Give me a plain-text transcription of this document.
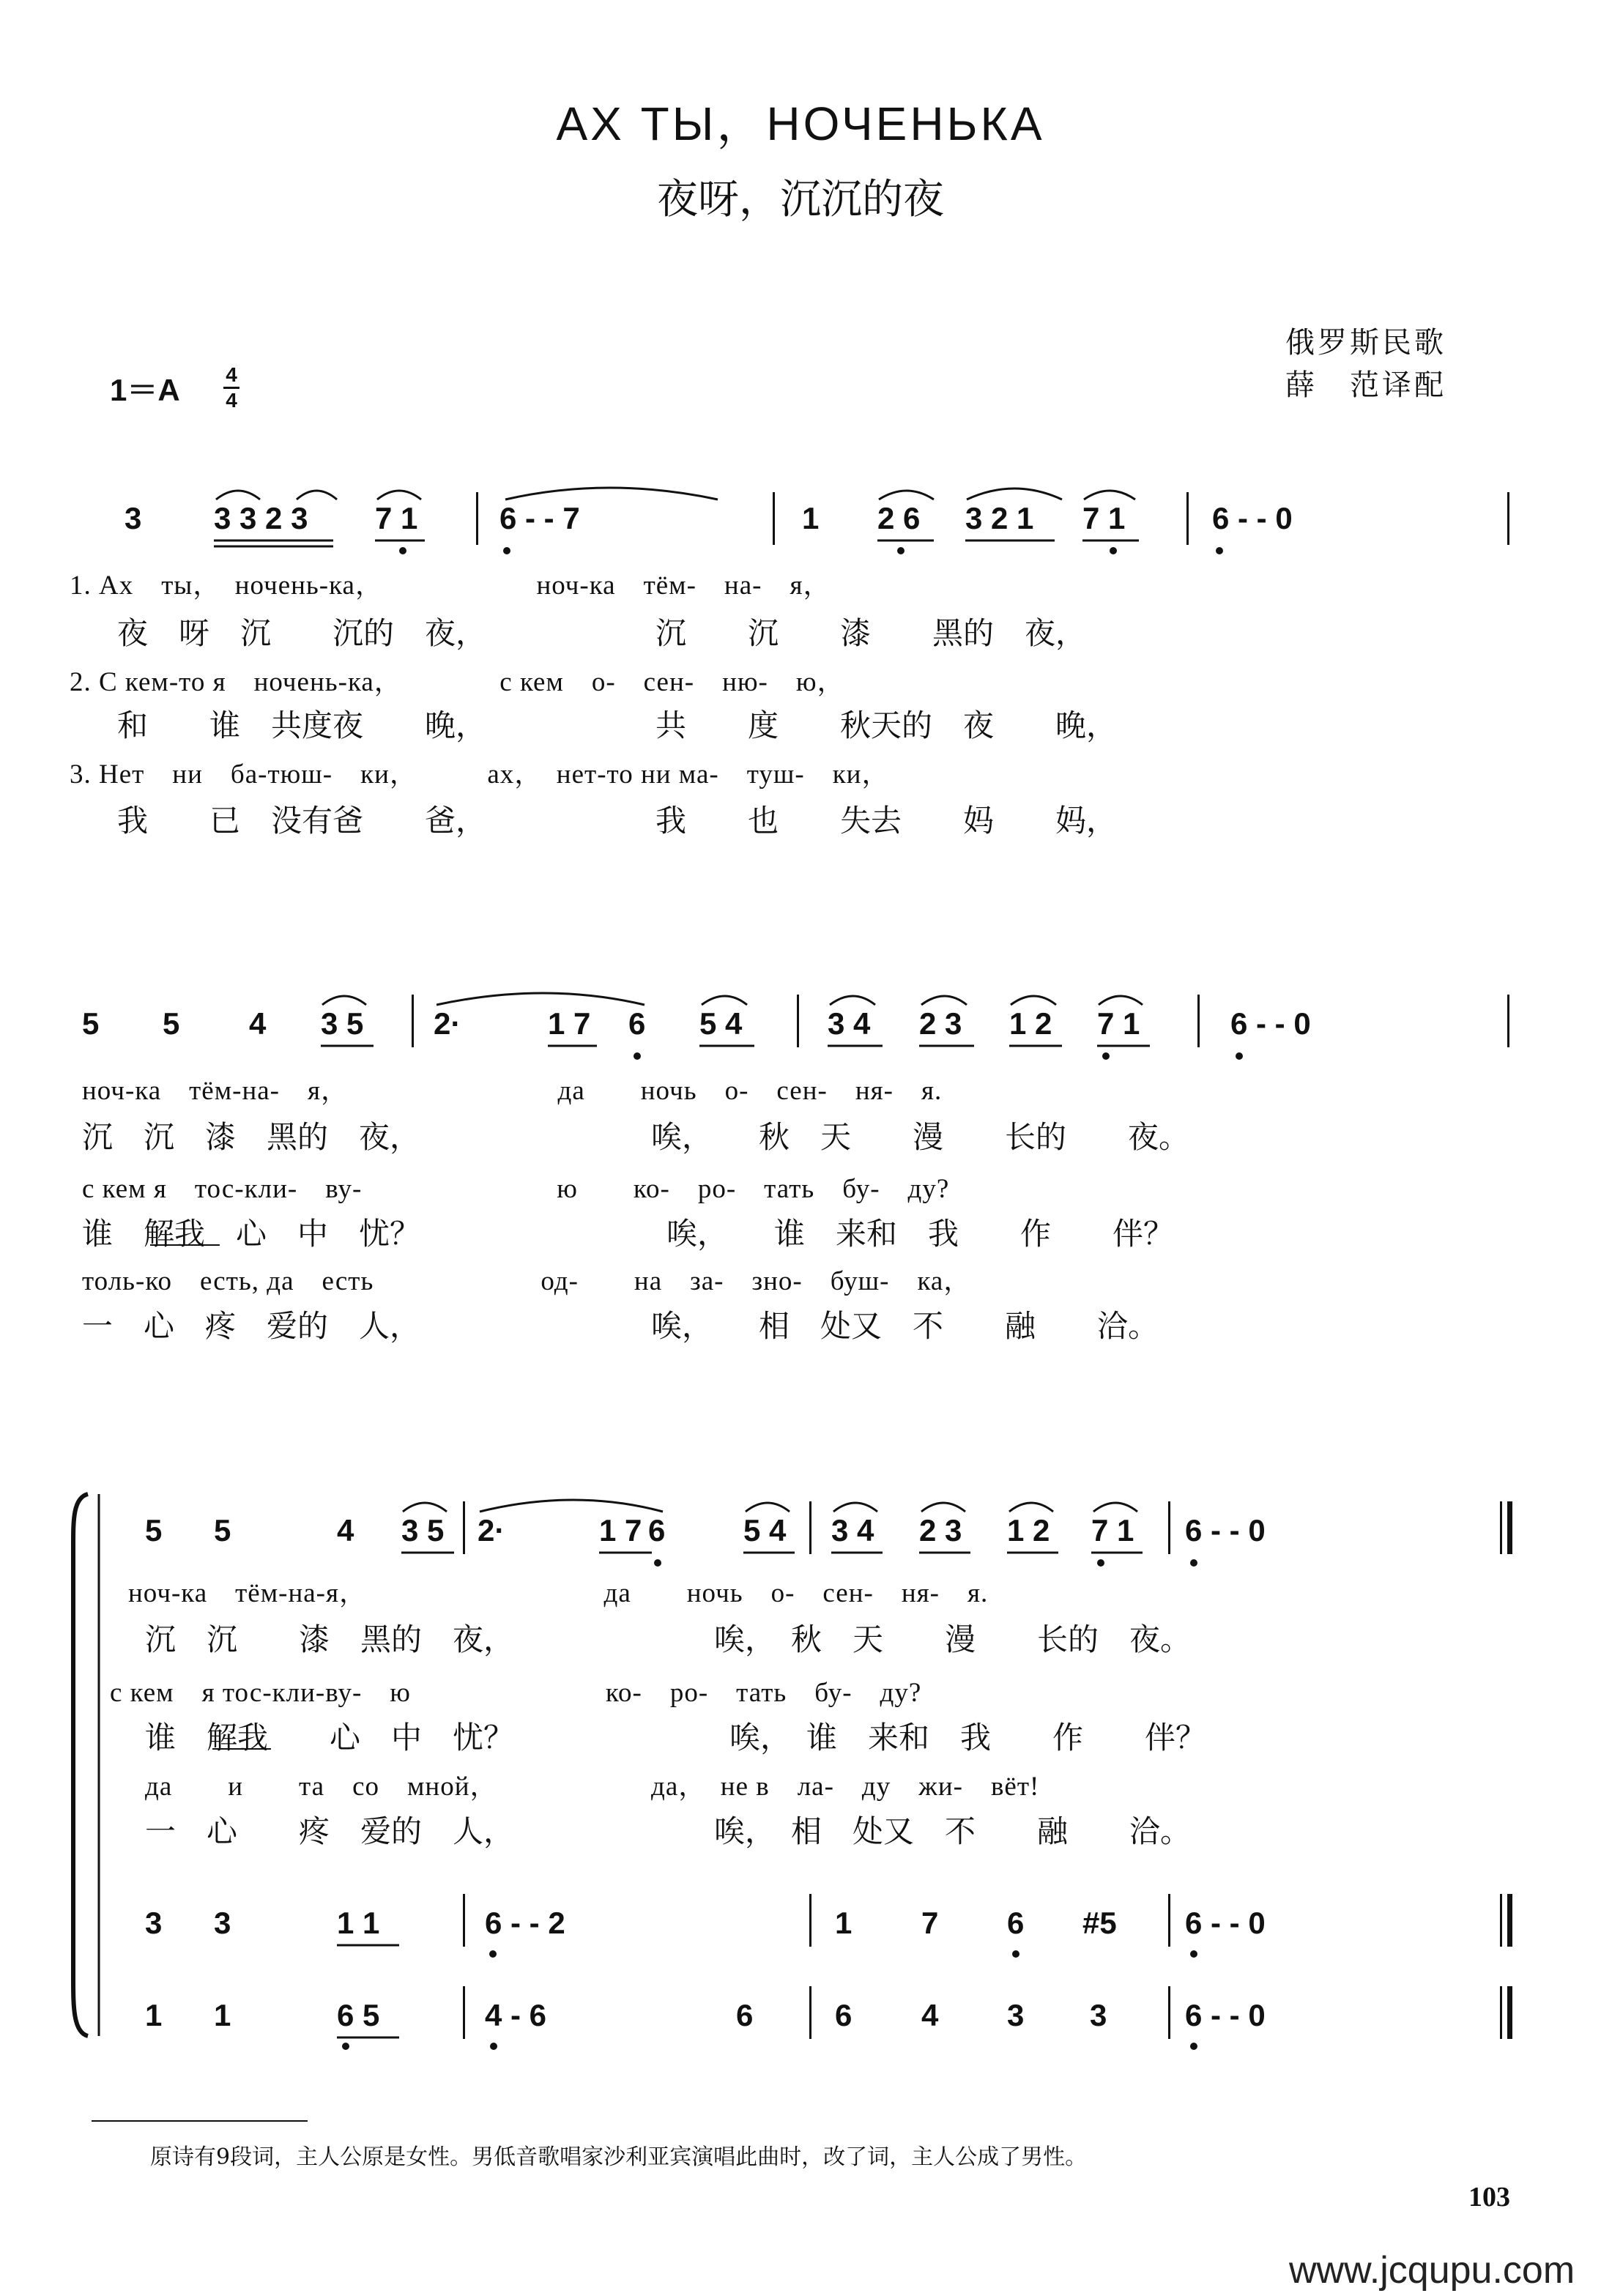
АХ ТЫ，НОЧЕНЬКА
夜呀，沉沉的夜
俄罗斯民歌
薛　范译配
1＝A 4
4
3 3 3 2 3 7 1	6 - - 7	1 2 6 3 2 1 7 1	6 - - 0
1. Ах　ты，　ночень-ка，　　　　　　ноч-ка　тём-　на-　я，
夜　呀　沉　　沉的　夜，　　　　　　沉　　沉　　漆　　黑的　夜，
2. С кем-то я　ночень-ка，　　　　с кем　о-　сен-　ню-　ю，
和　　谁　共度夜　　晚，　　　　　　共　　度　　秋天的　夜　　晚，
3. Нет　ни　ба-тюш-　ки，　　　ах，　нет-то ни ма-　туш-　ки，
我　　已　没有爸　　爸，　　　　　　我　　也　　失去　　妈　　妈，
5 5 4 3 5 2·	1 7 6 5 4	3 4 2 3 1 2 7 1	6 - - 0
ноч-ка　тём-на-　я，　　　　　　　　да　　ночь　о-　сен-　ня-　я.
沉　沉　漆　黑的　夜，　　　　　　　　唉，　　秋　天　　漫　　长的　　夜。
с кем я　тос-кли-　ву-　　　　　　　ю　　ко-　ро-　тать　бу-　ду?
谁　解我　心　中　忧？　　　　　　　　唉，　　谁　来和　我　　作　　伴？
толь-ко　есть, да　есть　　　　　　од-　　на　за-　зно-　буш-　ка，
一　心　疼　爱的　人，　　　　　　　　唉，　　相　处又　不　　融　　洽。
5 5	4 3 5 2·	1 7 6	5 4 3 4 2 3 1 2 7 1 6 - - 0
ноч-ка　тём-на-я，　　　　　　　　　да　　ночь　о-　сен-　ня-　я.
沉　沉　　漆　黑的　夜，　　　　　　　唉，　秋　天　　漫　　长的　夜。
с кем　я тос-кли-ву-　ю　　　　　　　ко-　ро-　тать　бу-　ду?
谁　解我　　心　中　忧？　　　　　　　唉，　谁　来和　我　　作　　伴？
да　　и　　та　со　мной，　　　　　　да，　не в　ла-　ду　жи-　вёт!
一　心　　疼　爱的　人，　　　　　　　唉，　相　处又　不　　融　　洽。
3 3	1 1	6 - - 2	1 7 6 #5 6 - - 0
1 1	6 5	4 - 6	6	6 4 3 3	6 - - 0
原诗有9段词，主人公原是女性。男低音歌唱家沙利亚宾演唱此曲时，改了词，主人公成了男性。
103
www.jcqupu.com
